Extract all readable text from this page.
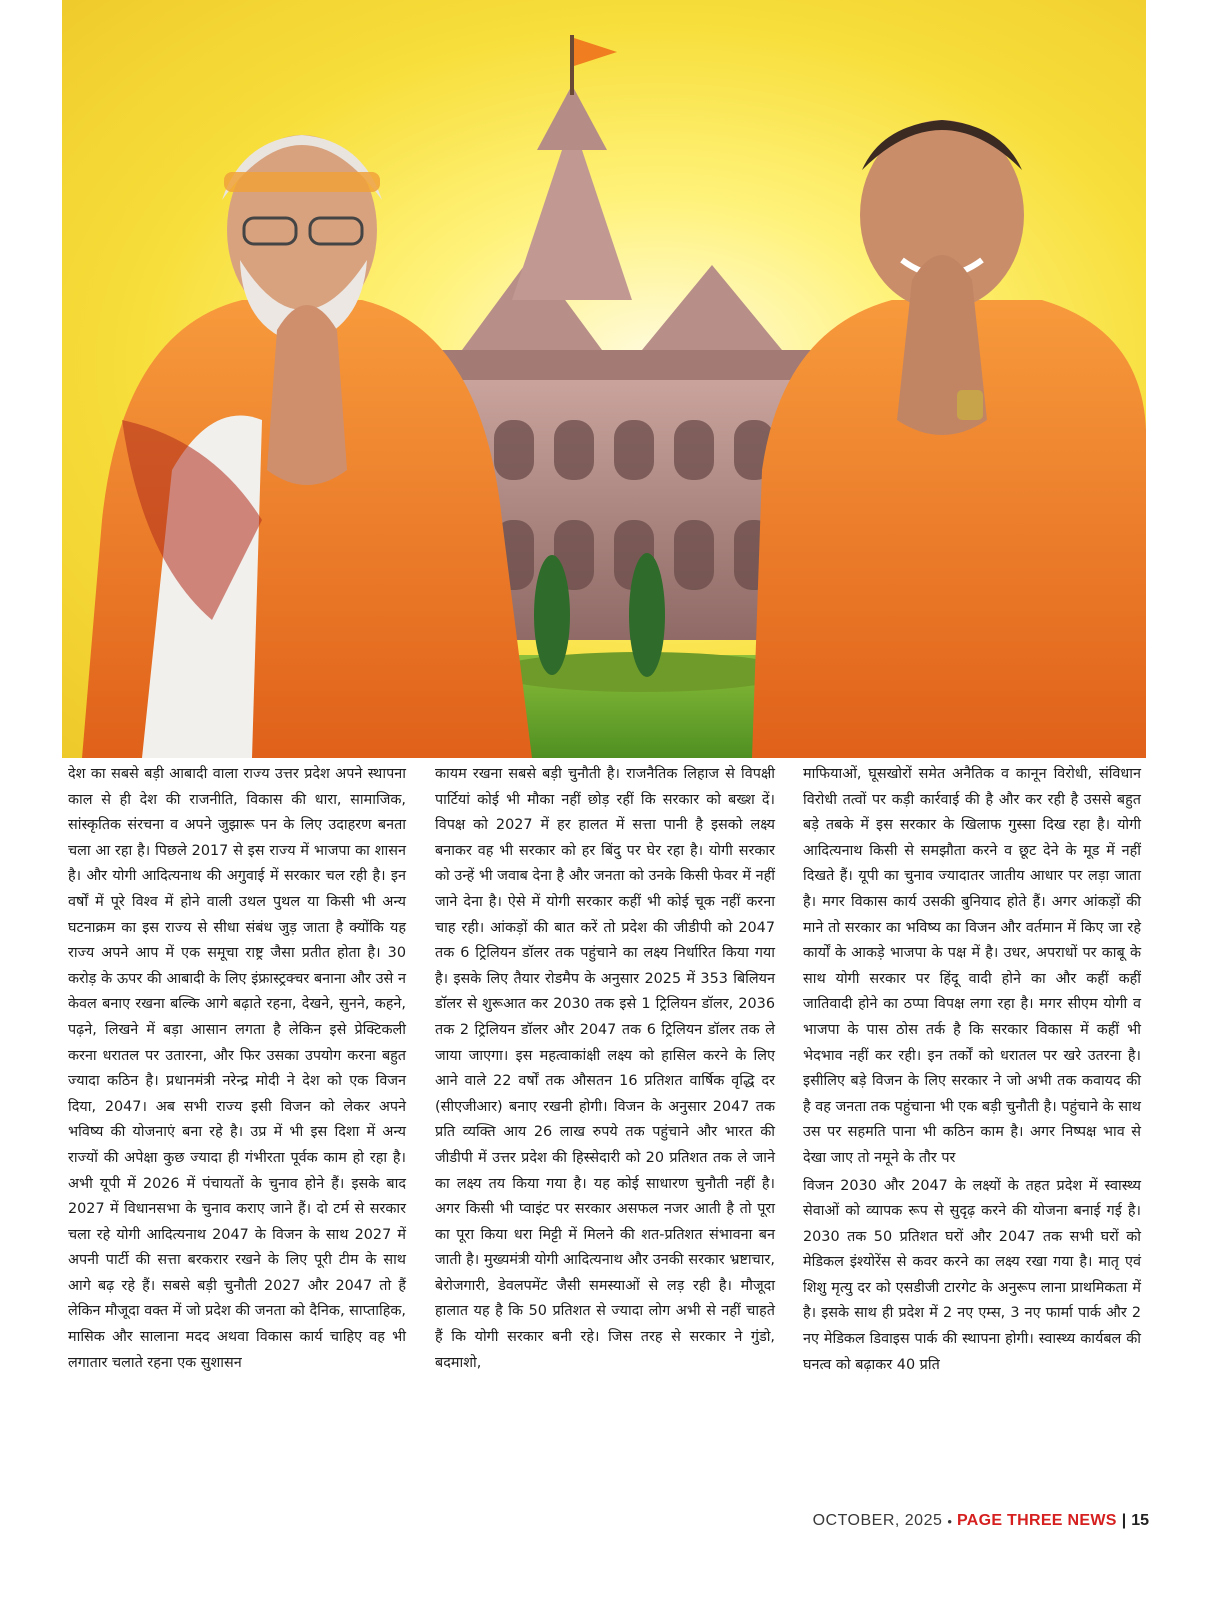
देश का सबसे बड़ी आबादी वाला राज्य उत्तर प्रदेश अपने स्थापना काल से ही देश की राजनीति, विकास की धारा, सामाजिक, सांस्कृतिक संरचना व अपने जुझारू पन के लिए उदाहरण बनता चला आ रहा है। पिछले 2017 से इस राज्य में भाजपा का शासन है। और योगी आदित्यनाथ की अगुवाई में सरकार चल रही है। इन वर्षों में पूरे विश्व में होने वाली उथल पुथल या किसी भी अन्य घटनाक्रम का इस राज्य से सीधा संबंध जुड़ जाता है क्योंकि यह राज्य अपने आप में एक समूचा राष्ट्र जैसा प्रतीत होता है। 30 करोड़ के ऊपर की आबादी के लिए इंफ्रास्ट्रक्चर बनाना और उसे न केवल बनाए रखना बल्कि आगे बढ़ाते रहना, देखने, सुनने, कहने, पढ़ने, लिखने में बड़ा आसान लगता है लेकिन इसे प्रेक्टिकली करना धरातल पर उतारना, और फिर उसका उपयोग करना बहुत ज्यादा कठिन है। प्रधानमंत्री नरेन्द्र मोदी ने देश को एक विजन दिया, 2047। अब सभी राज्य इसी विजन को लेकर अपने भविष्य की योजनाएं बना रहे है। उप्र में भी इस दिशा में अन्य राज्यों की अपेक्षा कुछ ज्यादा ही गंभीरता पूर्वक काम हो रहा है। अभी यूपी में 2026 में पंचायतों के चुनाव होने हैं। इसके बाद 2027 में विधानसभा के चुनाव कराए जाने हैं। दो टर्म से सरकार चला रहे योगी आदित्यनाथ 2047 के विजन के साथ 2027 में अपनी पार्टी की सत्ता बरकरार रखने के लिए पूरी टीम के साथ आगे बढ़ रहे हैं। सबसे बड़ी चुनौती 2027 और 2047 तो हैं लेकिन मौजूदा वक्त में जो प्रदेश की जनता को दैनिक, साप्ताहिक, मासिक और सालाना मदद अथवा विकास कार्य चाहिए वह भी लगातार चलाते रहना एक सुशासन

कायम रखना सबसे बड़ी चुनौती है। राजनैतिक लिहाज से विपक्षी पार्टियां कोई भी मौका नहीं छोड़ रहीं कि सरकार को बख्श दें। विपक्ष को 2027 में हर हालत में सत्ता पानी है इसको लक्ष्य बनाकर वह भी सरकार को हर बिंदु पर घेर रहा है। योगी सरकार को उन्हें भी जवाब देना है और जनता को उनके किसी फेवर में नहीं जाने देना है। ऐसे में योगी सरकार कहीं भी कोई चूक नहीं करना चाह रही। आंकड़ों की बात करें तो प्रदेश की जीडीपी को 2047 तक 6 ट्रिलियन डॉलर तक पहुंचाने का लक्ष्य निर्धारित किया गया है। इसके लिए तैयार रोडमैप के अनुसार 2025 में 353 बिलियन डॉलर से शुरूआत कर 2030 तक इसे 1 ट्रिलियन डॉलर, 2036 तक 2 ट्रिलियन डॉलर और 2047 तक 6 ट्रिलियन डॉलर तक ले जाया जाएगा। इस महत्वाकांक्षी लक्ष्य को हासिल करने के लिए आने वाले 22 वर्षों तक औसतन 16 प्रतिशत वार्षिक वृद्धि दर (सीएजीआर) बनाए रखनी होगी। विजन के अनुसार 2047 तक प्रति व्यक्ति आय 26 लाख रुपये तक पहुंचाने और भारत की जीडीपी में उत्तर प्रदेश की हिस्सेदारी को 20 प्रतिशत तक ले जाने का लक्ष्य तय किया गया है। यह कोई साधारण चुनौती नहीं है। अगर किसी भी प्वाइंट पर सरकार असफल नजर आती है तो पूरा का पूरा किया धरा मिट्टी में मिलने की शत-प्रतिशत संभावना बन जाती है। मुख्यमंत्री योगी आदित्यनाथ और उनकी सरकार भ्रष्टाचार, बेरोजगारी, डेवलपमेंट जैसी समस्याओं से लड़ रही है। मौजूदा हालात यह है कि 50 प्रतिशत से ज्यादा लोग अभी से नहीं चाहते हैं कि योगी सरकार बनी रहे। जिस तरह से सरकार ने गुंडो, बदमाशो,

माफियाओं, घूसखोरों समेत अनैतिक व कानून विरोधी, संविधान विरोधी तत्वों पर कड़ी कार्रवाई की है और कर रही है उससे बहुत बड़े तबके में इस सरकार के खिलाफ गुस्सा दिख रहा है। योगी आदित्यनाथ किसी से समझौता करने व छूट देने के मूड में नहीं दिखते हैं। यूपी का चुनाव ज्यादातर जातीय आधार पर लड़ा जाता है। मगर विकास कार्य उसकी बुनियाद होते हैं। अगर आंकड़ों की माने तो सरकार का भविष्य का विजन और वर्तमान में किए जा रहे कार्यों के आकड़े भाजपा के पक्ष में है। उधर, अपराधों पर काबू के साथ योगी सरकार पर हिंदू वादी होने का और कहीं कहीं जातिवादी होने का ठप्पा विपक्ष लगा रहा है। मगर सीएम योगी व भाजपा के पास ठोस तर्क है कि सरकार विकास में कहीं भी भेदभाव नहीं कर रही। इन तर्कों को धरातल पर खरे उतरना है। इसीलिए बड़े विजन के लिए सरकार ने जो अभी तक कवायद की है वह जनता तक पहुंचाना भी एक बड़ी चुनौती है। पहुंचाने के साथ उस पर सहमति पाना भी कठिन काम है। अगर निष्पक्ष भाव से देखा जाए तो नमूने के तौर पर

विजन 2030 और 2047 के लक्ष्यों के तहत प्रदेश में स्वास्थ्य सेवाओं को व्यापक रूप से सुदृढ़ करने की योजना बनाई गई है। 2030 तक 50 प्रतिशत घरों और 2047 तक सभी घरों को मेडिकल इंश्योरेंस से कवर करने का लक्ष्य रखा गया है। मातृ एवं शिशु मृत्यु दर को एसडीजी टारगेट के अनुरूप लाना प्राथमिकता में है। इसके साथ ही प्रदेश में 2 नए एम्स, 3 नए फार्मा पार्क और 2 नए मेडिकल डिवाइस पार्क की स्थापना होगी। स्वास्थ्य कार्यबल की घनत्व को बढ़ाकर 40 प्रति

OCTOBER, 2025 • PAGE THREE NEWS | 15
